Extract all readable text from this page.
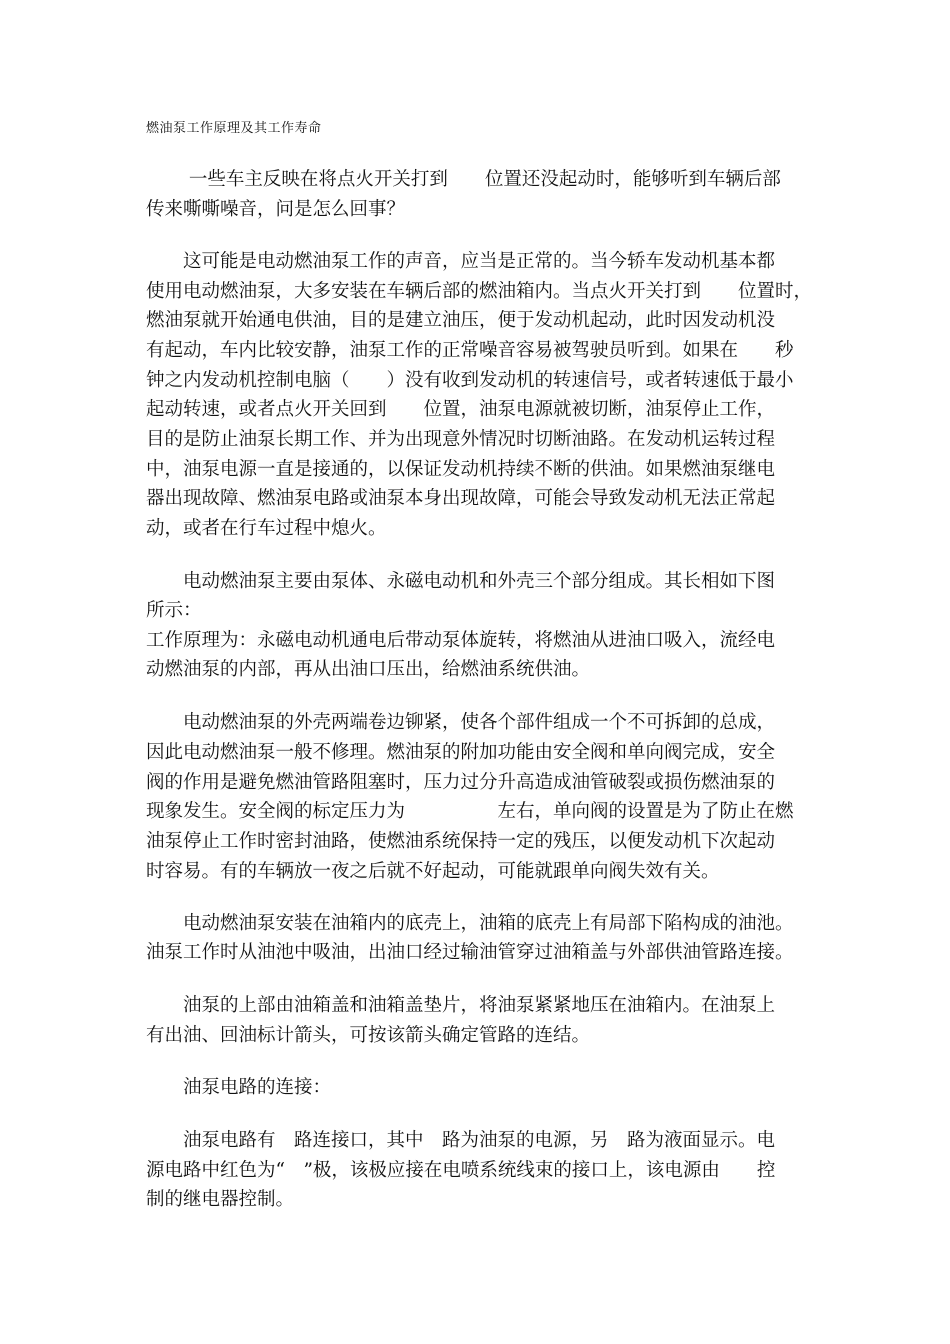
燃油泵工作原理及其工作寿命
　　 一些车主反映在将点火开关打到　　位置还没起动时，能够听到车辆后部
传来嘶嘶噪音，问是怎么回事？
　　这可能是电动燃油泵工作的声音，应当是正常的。当今轿车发动机基本都
使用电动燃油泵，大多安装在车辆后部的燃油箱内。当点火开关打到　　位置时，
燃油泵就开始通电供油，目的是建立油压，便于发动机起动，此时因发动机没
有起动，车内比较安静，油泵工作的正常噪音容易被驾驶员听到。如果在　　秒
钟之内发动机控制电脑（　　）没有收到发动机的转速信号，或者转速低于最小
起动转速，或者点火开关回到　　位置，油泵电源就被切断，油泵停止工作，
目的是防止油泵长期工作、并为出现意外情况时切断油路。在发动机运转过程
中，油泵电源一直是接通的，以保证发动机持续不断的供油。如果燃油泵继电
器出现故障、燃油泵电路或油泵本身出现故障，可能会导致发动机无法正常起
动，或者在行车过程中熄火。
　　电动燃油泵主要由泵体、永磁电动机和外壳三个部分组成。其长相如下图
所示：
工作原理为：永磁电动机通电后带动泵体旋转，将燃油从进油口吸入，流经电
动燃油泵的内部，再从出油口压出，给燃油系统供油。
　　电动燃油泵的外壳两端卷边铆紧，使各个部件组成一个不可拆卸的总成，
因此电动燃油泵一般不修理。燃油泵的附加功能由安全阀和单向阀完成，安全
阀的作用是避免燃油管路阻塞时，压力过分升高造成油管破裂或损伤燃油泵的
现象发生。安全阀的标定压力为　　　　　左右，单向阀的设置是为了防止在燃
油泵停止工作时密封油路，使燃油系统保持一定的残压，以便发动机下次起动
时容易。有的车辆放一夜之后就不好起动，可能就跟单向阀失效有关。
　　电动燃油泵安装在油箱内的底壳上，油箱的底壳上有局部下陷构成的油池。
油泵工作时从油池中吸油，出油口经过输油管穿过油箱盖与外部供油管路连接。
　　油泵的上部由油箱盖和油箱盖垫片，将油泵紧紧地压在油箱内。在油泵上
有出油、回油标计箭头，可按该箭头确定管路的连结。
　　油泵电路的连接：
　　油泵电路有　路连接口，其中　路为油泵的电源，另　路为液面显示。电
源电路中红色为“　”极，该极应接在电喷系统线束的接口上，该电源由　　控
制的继电器控制。
